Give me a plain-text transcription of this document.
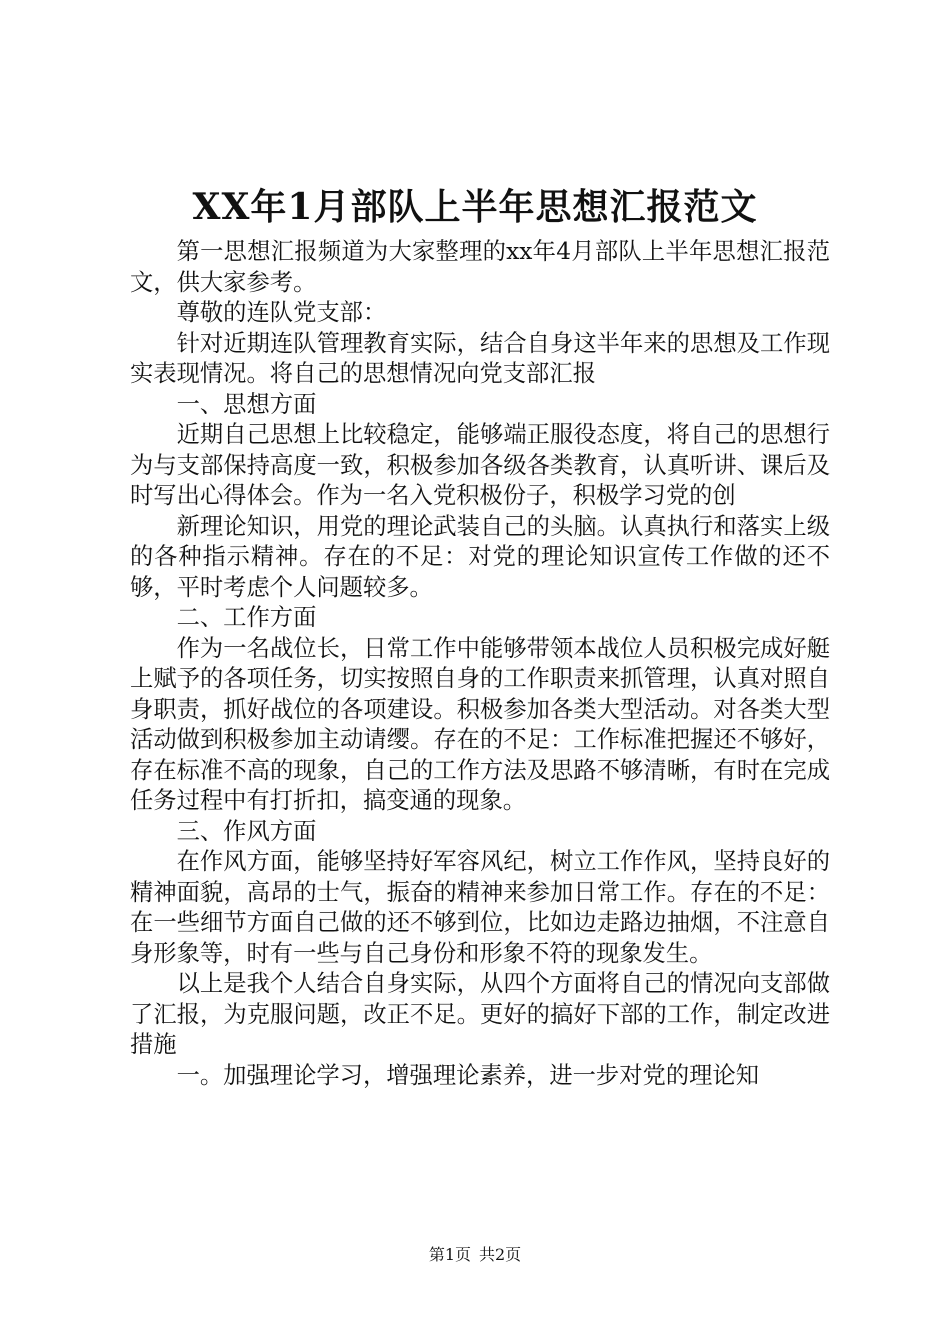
XX年1月部队上半年思想汇报范文

第一思想汇报频道为大家整理的xx年4月部队上半年思想汇报范文，供大家参考。

尊敬的连队党支部：

针对近期连队管理教育实际，结合自身这半年来的思想及工作现实表现情况。将自己的思想情况向党支部汇报

一、思想方面

近期自己思想上比较稳定，能够端正服役态度，将自己的思想行为与支部保持高度一致，积极参加各级各类教育，认真听讲、课后及时写出心得体会。作为一名入党积极份子，积极学习党的创

新理论知识，用党的理论武装自己的头脑。认真执行和落实上级的各种指示精神。存在的不足：对党的理论知识宣传工作做的还不够，平时考虑个人问题较多。

二、工作方面

作为一名战位长，日常工作中能够带领本战位人员积极完成好艇上赋予的各项任务，切实按照自身的工作职责来抓管理，认真对照自身职责，抓好战位的各项建设。积极参加各类大型活动。对各类大型活动做到积极参加主动请缨。存在的不足：工作标准把握还不够好，存在标准不高的现象，自己的工作方法及思路不够清晰，有时在完成任务过程中有打折扣，搞变通的现象。

三、作风方面

在作风方面，能够坚持好军容风纪，树立工作作风，坚持良好的精神面貌，高昂的士气，振奋的精神来参加日常工作。存在的不足：在一些细节方面自己做的还不够到位，比如边走路边抽烟，不注意自身形象等，时有一些与自己身份和形象不符的现象发生。

以上是我个人结合自身实际，从四个方面将自己的情况向支部做了汇报，为克服问题，改正不足。更好的搞好下部的工作，制定改进措施

一。加强理论学习，增强理论素养，进一步对党的理论知

第1页 共2页
